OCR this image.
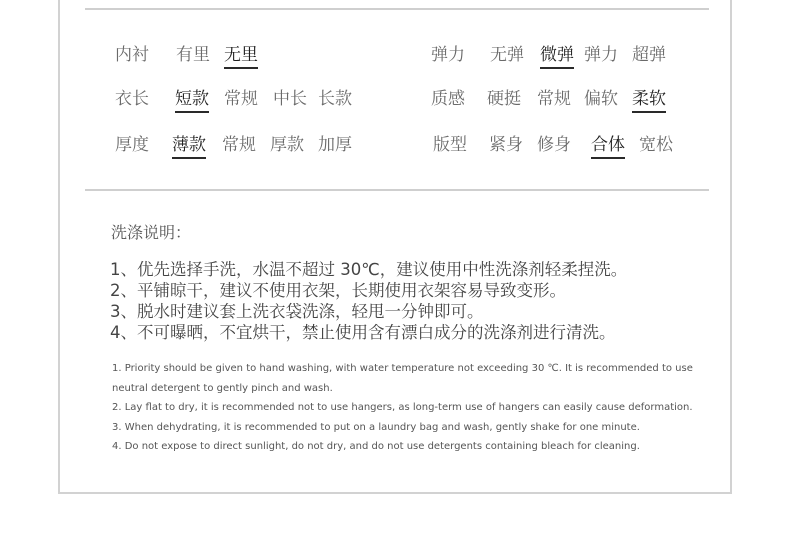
内衬 有里 无里
衣长 短款 常规 中长 长款
厚度 薄款 常规 厚款 加厚
弹力 无弹 微弹 弹力 超弹
质感 硬挺 常规 偏软 柔软
版型 紧身 修身 合体 宽松
洗涤说明：
1、优先选择手洗，水温不超过 30℃，建议使用中性洗涤剂轻柔捏洗。
2、平铺晾干，建议不使用衣架，长期使用衣架容易导致变形。
3、脱水时建议套上洗衣袋洗涤，轻甩一分钟即可。
4、不可曝晒，不宜烘干，禁止使用含有漂白成分的洗涤剂进行清洗。
1. Priority should be given to hand washing, with water temperature not exceeding 30 ℃. It is recommended to use
neutral detergent to gently pinch and wash.
2. Lay flat to dry, it is recommended not to use hangers, as long-term use of hangers can easily cause deformation.
3. When dehydrating, it is recommended to put on a laundry bag and wash, gently shake for one minute.
4. Do not expose to direct sunlight, do not dry, and do not use detergents containing bleach for cleaning.
